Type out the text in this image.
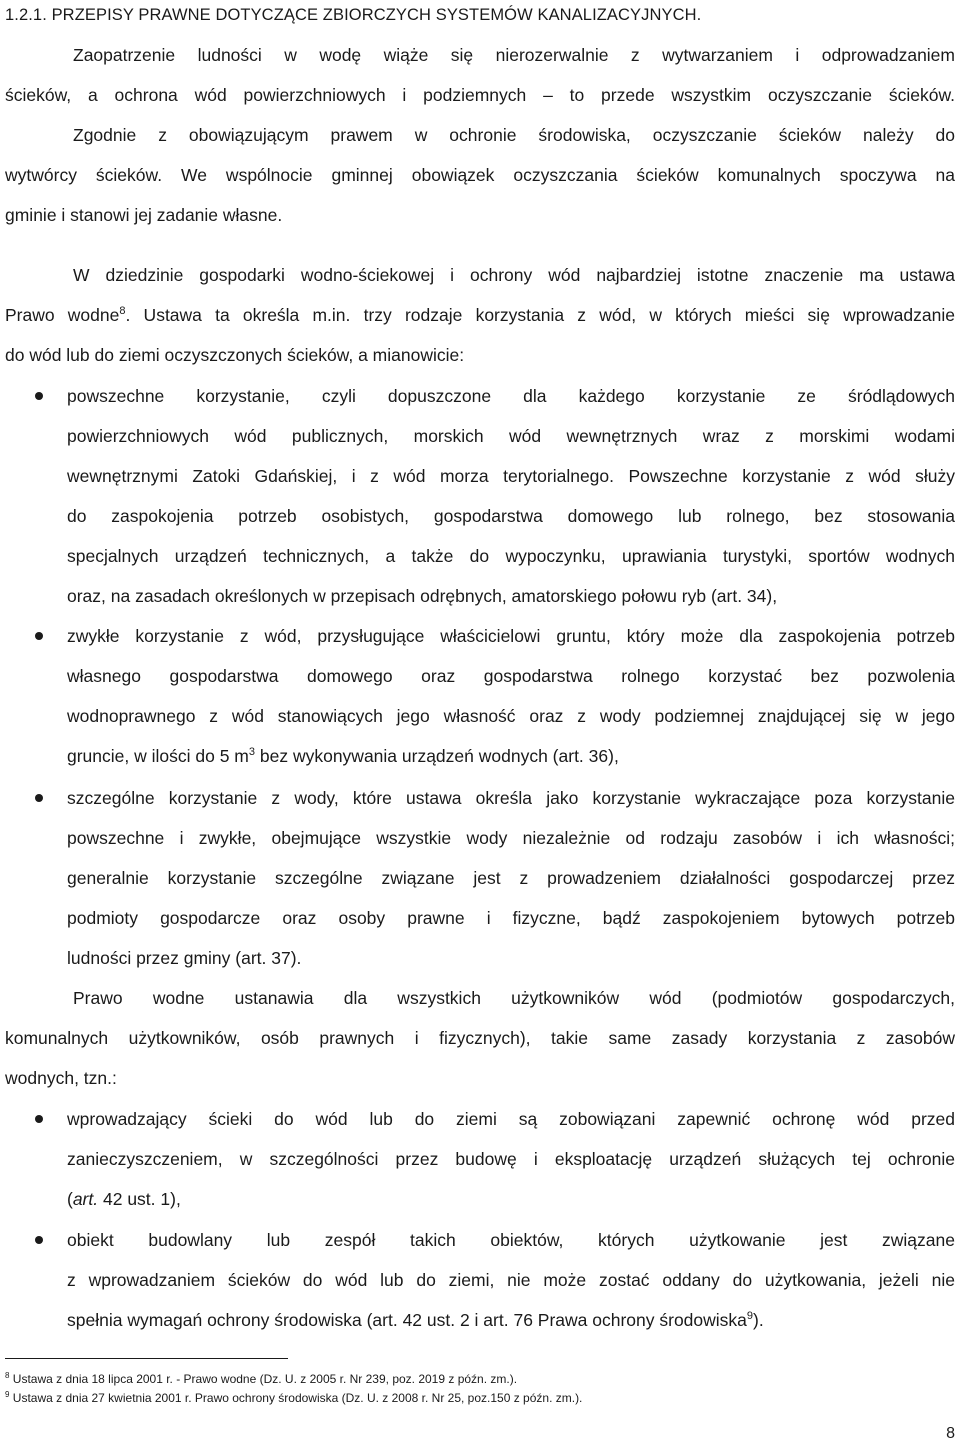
1.2.1. PRZEPISY PRAWNE DOTYCZĄCE ZBIORCZYCH SYSTEMÓW KANALIZACYJNYCH.
Zaopatrzenie ludności w wodę wiąże się nierozerwalnie z wytwarzaniem i odprowadzaniem
ścieków, a ochrona wód powierzchniowych i podziemnych – to przede wszystkim oczyszczanie ścieków.
Zgodnie z obowiązującym prawem w ochronie środowiska, oczyszczanie ścieków należy do
wytwórcy ścieków. We wspólnocie gminnej obowiązek oczyszczania ścieków komunalnych spoczywa na
gminie i stanowi jej zadanie własne.
W dziedzinie gospodarki wodno-ściekowej i ochrony wód najbardziej istotne znaczenie ma ustawa
Prawo wodne$^8$. Ustawa ta określa m.in. trzy rodzaje korzystania z wód, w których mieści się wprowadzanie
do wód lub do ziemi oczyszczonych ścieków, a mianowicie:
powszechne korzystanie, czyli dopuszczone dla każdego korzystanie ze śródlądowych
powierzchniowych wód publicznych, morskich wód wewnętrznych wraz z morskimi wodami
wewnętrznymi Zatoki Gdańskiej, i z wód morza terytorialnego. Powszechne korzystanie z wód służy
do zaspokojenia potrzeb osobistych, gospodarstwa domowego lub rolnego, bez stosowania
specjalnych urządzeń technicznych, a także do wypoczynku, uprawiania turystyki, sportów wodnych
oraz, na zasadach określonych w przepisach odrębnych, amatorskiego połowu ryb (art. 34),
zwykłe korzystanie z wód, przysługujące właścicielowi gruntu, który może dla zaspokojenia potrzeb
własnego gospodarstwa domowego oraz gospodarstwa rolnego korzystać bez pozwolenia
wodnoprawnego z wód stanowiących jego własność oraz z wody podziemnej znajdującej się w jego
gruncie, w ilości do 5 $m^3$ bez wykonywania urządzeń wodnych (art. 36),
szczególne korzystanie z wody, które ustawa określa jako korzystanie wykraczające poza korzystanie
powszechne i zwykłe, obejmujące wszystkie wody niezależnie od rodzaju zasobów i ich własności;
generalnie korzystanie szczególne związane jest z prowadzeniem działalności gospodarczej przez
podmioty gospodarcze oraz osoby prawne i fizyczne, bądź zaspokojeniem bytowych potrzeb
ludności przez gminy (art. 37).
Prawo wodne ustanawia dla wszystkich użytkowników wód (podmiotów gospodarczych,
komunalnych użytkowników, osób prawnych i fizycznych), takie same zasady korzystania z zasobów
wodnych, tzn.:
wprowadzający ścieki do wód lub do ziemi są zobowiązani zapewnić ochronę wód przed
zanieczyszczeniem, w szczególności przez budowę i eksploatację urządzeń służących tej ochronie
(art. 42 ust. 1),
obiekt budowlany lub zespół takich obiektów, których użytkowanie jest związane
z wprowadzaniem ścieków do wód lub do ziemi, nie może zostać oddany do użytkowania, jeżeli nie
spełnia wymagań ochrony środowiska (art. 42 ust. 2 i art. 76 Prawa ochrony środowiska$^9$).
$^8$ Ustawa z dnia 18 lipca 2001 r. - Prawo wodne (Dz. U. z 2005 r. Nr 239, poz. 2019 z późn. zm.).
$^9$ Ustawa z dnia 27 kwietnia 2001 r. Prawo ochrony środowiska (Dz. U. z 2008 r. Nr 25, poz.150 z późn. zm.).
8
